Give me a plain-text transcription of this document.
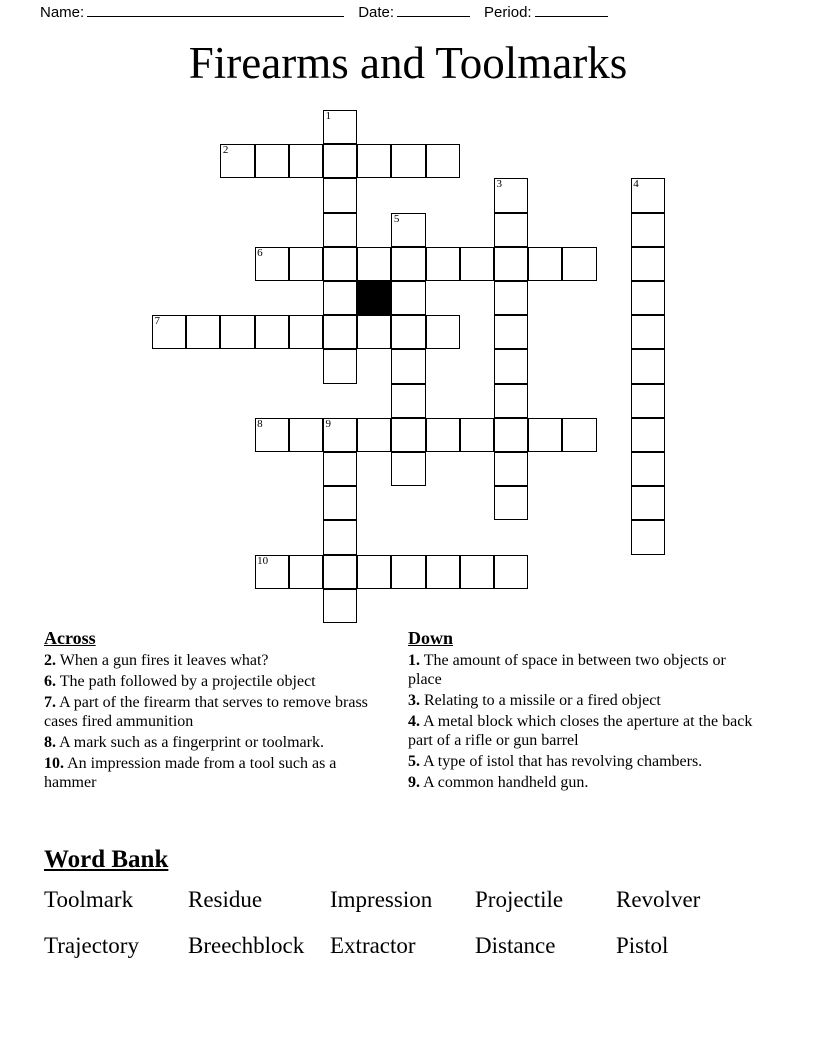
Name:	Date:	Period:
Firearms and Toolmarks
1
2
3	4
5
6
7
8	9
10
Across
2. When a gun fires it leaves what?
6. The path followed by a projectile object
7. A part of the firearm that serves to remove brass cases fired ammunition
8. A mark such as a fingerprint or toolmark.
10. An impression made from a tool such as a hammer
Down
1. The amount of space in between two objects or place
3. Relating to a missile or a fired object
4. A metal block which closes the aperture at the back part of a rifle or gun barrel
5. A type of istol that has revolving chambers.
9. A common handheld gun.
Word Bank
Toolmark	Residue	Impression	Projectile	Revolver
Trajectory	Breechblock	Extractor	Distance	Pistol
